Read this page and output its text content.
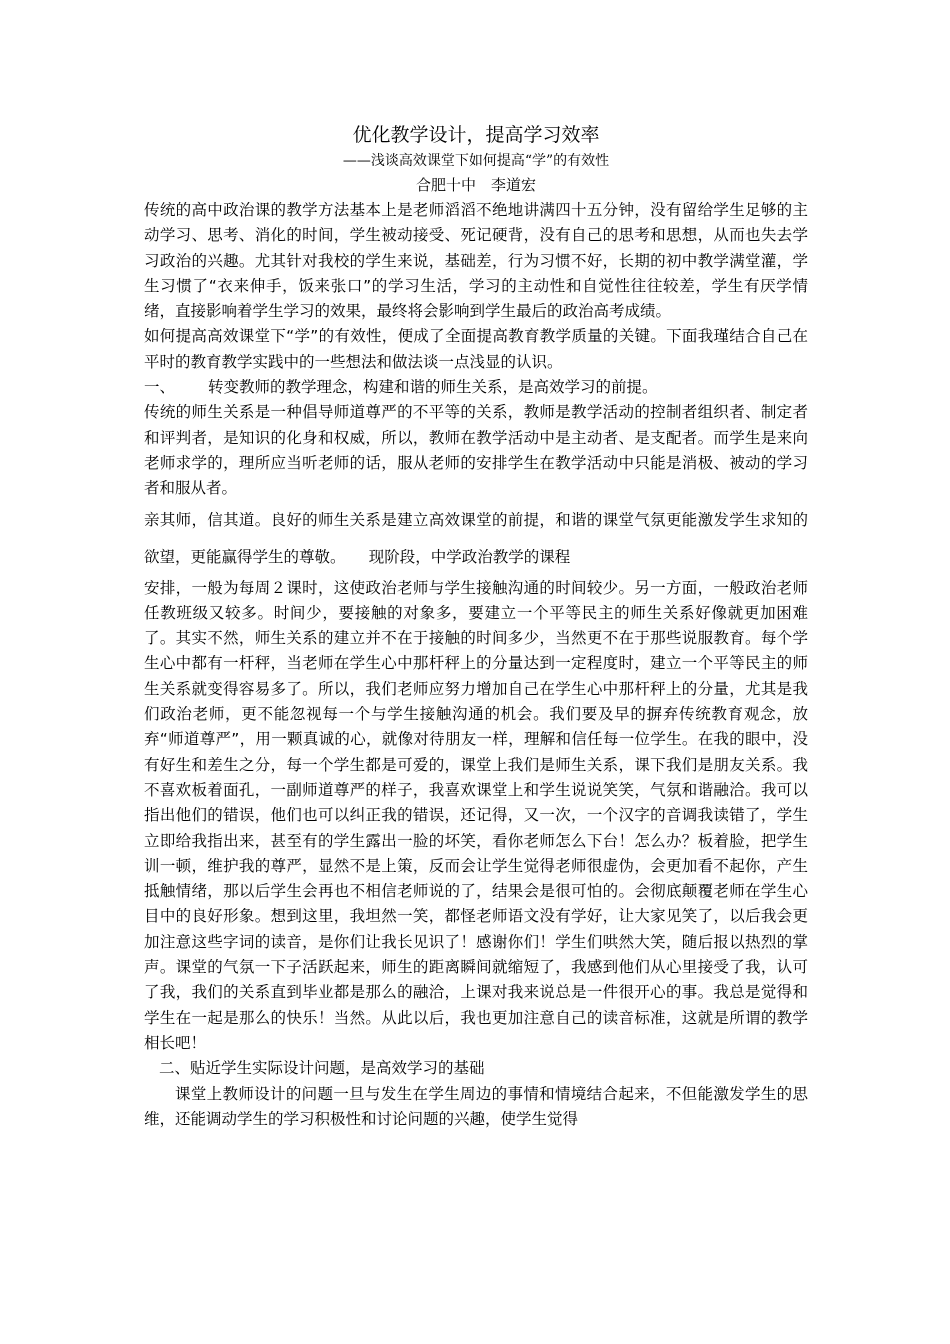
优化教学设计，提高学习效率

——浅谈高效课堂下如何提高“学”的有效性

合肥十中　李道宏

传统的高中政治课的教学方法基本上是老师滔滔不绝地讲满四十五分钟，没有留给学生足够的主动学习、思考、消化的时间，学生被动接受、死记硬背，没有自己的思考和思想，从而也失去学习政治的兴趣。尤其针对我校的学生来说，基础差，行为习惯不好，长期的初中教学满堂灌，学生习惯了“衣来伸手，饭来张口”的学习生活，学习的主动性和自觉性往往较差，学生有厌学情绪，直接影响着学生学习的效果，最终将会影响到学生最后的政治高考成绩。

如何提高高效课堂下“学”的有效性，便成了全面提高教育教学质量的关键。下面我瑾结合自己在平时的教育教学实践中的一些想法和做法谈一点浅显的认识。

一、 转变教师的教学理念，构建和谐的师生关系，是高效学习的前提。

传统的师生关系是一种倡导师道尊严的不平等的关系，教师是教学活动的控制者组织者、制定者和评判者，是知识的化身和权威，所以，教师在教学活动中是主动者、是支配者。而学生是来向老师求学的，理所应当听老师的话，服从老师的安排学生在教学活动中只能是消极、被动的学习者和服从者。

亲其师，信其道。良好的师生关系是建立高效课堂的前提，和谐的课堂气氛更能激发学生求知的欲望，更能赢得学生的尊敬。　　现阶段，中学政治教学的课程

安排，一般为每周２课时，这使政治老师与学生接触沟通的时间较少。另一方面，一般政治老师任教班级又较多。时间少，要接触的对象多，要建立一个平等民主的师生关系好像就更加困难了。其实不然，师生关系的建立并不在于接触的时间多少，当然更不在于那些说服教育。每个学生心中都有一杆秤，当老师在学生心中那杆秤上的分量达到一定程度时，建立一个平等民主的师生关系就变得容易多了。所以，我们老师应努力增加自己在学生心中那杆秤上的分量，尤其是我们政治老师，更不能忽视每一个与学生接触沟通的机会。我们要及早的摒弃传统教育观念，放弃“师道尊严”，用一颗真诚的心，就像对待朋友一样，理解和信任每一位学生。在我的眼中，没有好生和差生之分，每一个学生都是可爱的，课堂上我们是师生关系，课下我们是朋友关系。我不喜欢板着面孔，一副师道尊严的样子，我喜欢课堂上和学生说说笑笑，气氛和谐融洽。我可以指出他们的错误，他们也可以纠正我的错误，还记得，又一次，一个汉字的音调我读错了，学生立即给我指出来，甚至有的学生露出一脸的坏笑，看你老师怎么下台！怎么办？板着脸，把学生训一顿，维护我的尊严，显然不是上策，反而会让学生觉得老师很虚伪，会更加看不起你，产生抵触情绪，那以后学生会再也不相信老师说的了，结果会是很可怕的。会彻底颠覆老师在学生心目中的良好形象。想到这里，我坦然一笑，都怪老师语文没有学好，让大家见笑了，以后我会更加注意这些字词的读音，是你们让我长见识了！感谢你们！学生们哄然大笑，随后报以热烈的掌声。课堂的气氛一下子活跃起来，师生的距离瞬间就缩短了，我感到他们从心里接受了我，认可了我，我们的关系直到毕业都是那么的融洽，上课对我来说总是一件很开心的事。我总是觉得和学生在一起是那么的快乐！当然。从此以后，我也更加注意自己的读音标准，这就是所谓的教学相长吧！

二、贴近学生实际设计问题，是高效学习的基础

课堂上教师设计的问题一旦与发生在学生周边的事情和情境结合起来，不但能激发学生的思维，还能调动学生的学习积极性和讨论问题的兴趣，使学生觉得
